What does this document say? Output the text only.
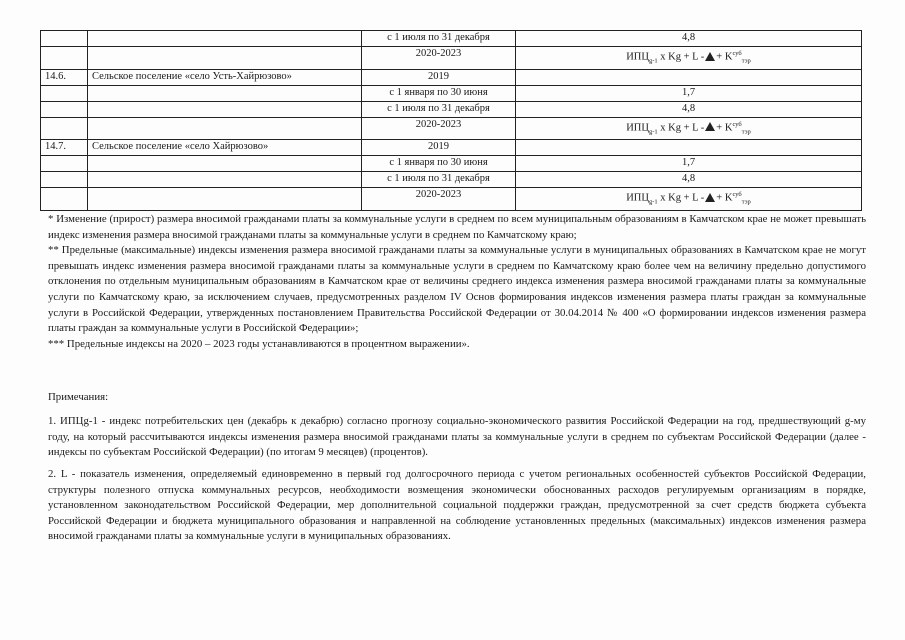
		с 1 июля по 31 декабря	4,8
		2020-2023	$ИПЦ_{g-1}$ х Kg + L - + $K^{суб}_{тэр}$
14.6.	Сельское поселение «село Усть-Хайрюзово»	2019	
		с 1 января по 30 июня	1,7
		с 1 июля по 31 декабря	4,8
		2020-2023	$ИПЦ_{g-1}$ х Kg + L - + $K^{суб}_{тэр}$
14.7.	Сельское поселение «село Хайрюзово»	2019	
		с 1 января по 30 июня	1,7
		с 1 июля по 31 декабря	4,8
		2020-2023	$ИПЦ_{g-1}$ х Kg + L - + $K^{суб}_{тэр}$

* Изменение (прирост) размера вносимой гражданами платы за коммунальные услуги в среднем по всем муниципальным образованиям в Камчатском крае не может превышать индекс изменения размера вносимой гражданами платы за коммунальные услуги в среднем по Камчатскому краю;

** Предельные (максимальные) индексы изменения размера вносимой гражданами платы за коммунальные услуги в муниципальных образованиях в Камчатском крае не могут превышать индекс изменения размера вносимой гражданами платы за коммунальные услуги в среднем по Камчатскому краю более чем на величину предельно допустимого отклонения по отдельным муниципальным образованиям в Камчатском крае от величины среднего индекса изменения размера вносимой гражданами платы за коммунальные услуги по Камчатскому краю, за исключением случаев, предусмотренных разделом IV Основ формирования индексов изменения размера платы граждан за коммунальные услуги в Российской Федерации, утвержденных постановлением Правительства Российской Федерации от 30.04.2014 № 400 «О формировании индексов изменения размера платы граждан за коммунальные услуги в Российской Федерации»;

*** Предельные индексы на 2020 – 2023 годы устанавливаются в процентном выражении».

Примечания:
1. ИПЦg-1 - индекс потребительских цен (декабрь к декабрю) согласно прогнозу социально-экономического развития Российской Федерации на год, предшествующий g-му году, на который рассчитываются индексы изменения размера вносимой гражданами платы за коммунальные услуги в среднем по субъектам Российской Федерации (далее - индексы по субъектам Российской Федерации) (по итогам 9 месяцев) (процентов).
2. L - показатель изменения, определяемый единовременно в первый год долгосрочного периода с учетом региональных особенностей субъектов Российской Федерации, структуры полезного отпуска коммунальных ресурсов, необходимости возмещения экономически обоснованных расходов регулируемым организациям в порядке, установленном законодательством Российской Федерации, мер дополнительной социальной поддержки граждан, предусмотренной за счет средств бюджета субъекта Российской Федерации и бюджета муниципального образования и направленной на соблюдение установленных предельных (максимальных) индексов изменения размера вносимой гражданами платы за коммунальные услуги в муниципальных образованиях.
